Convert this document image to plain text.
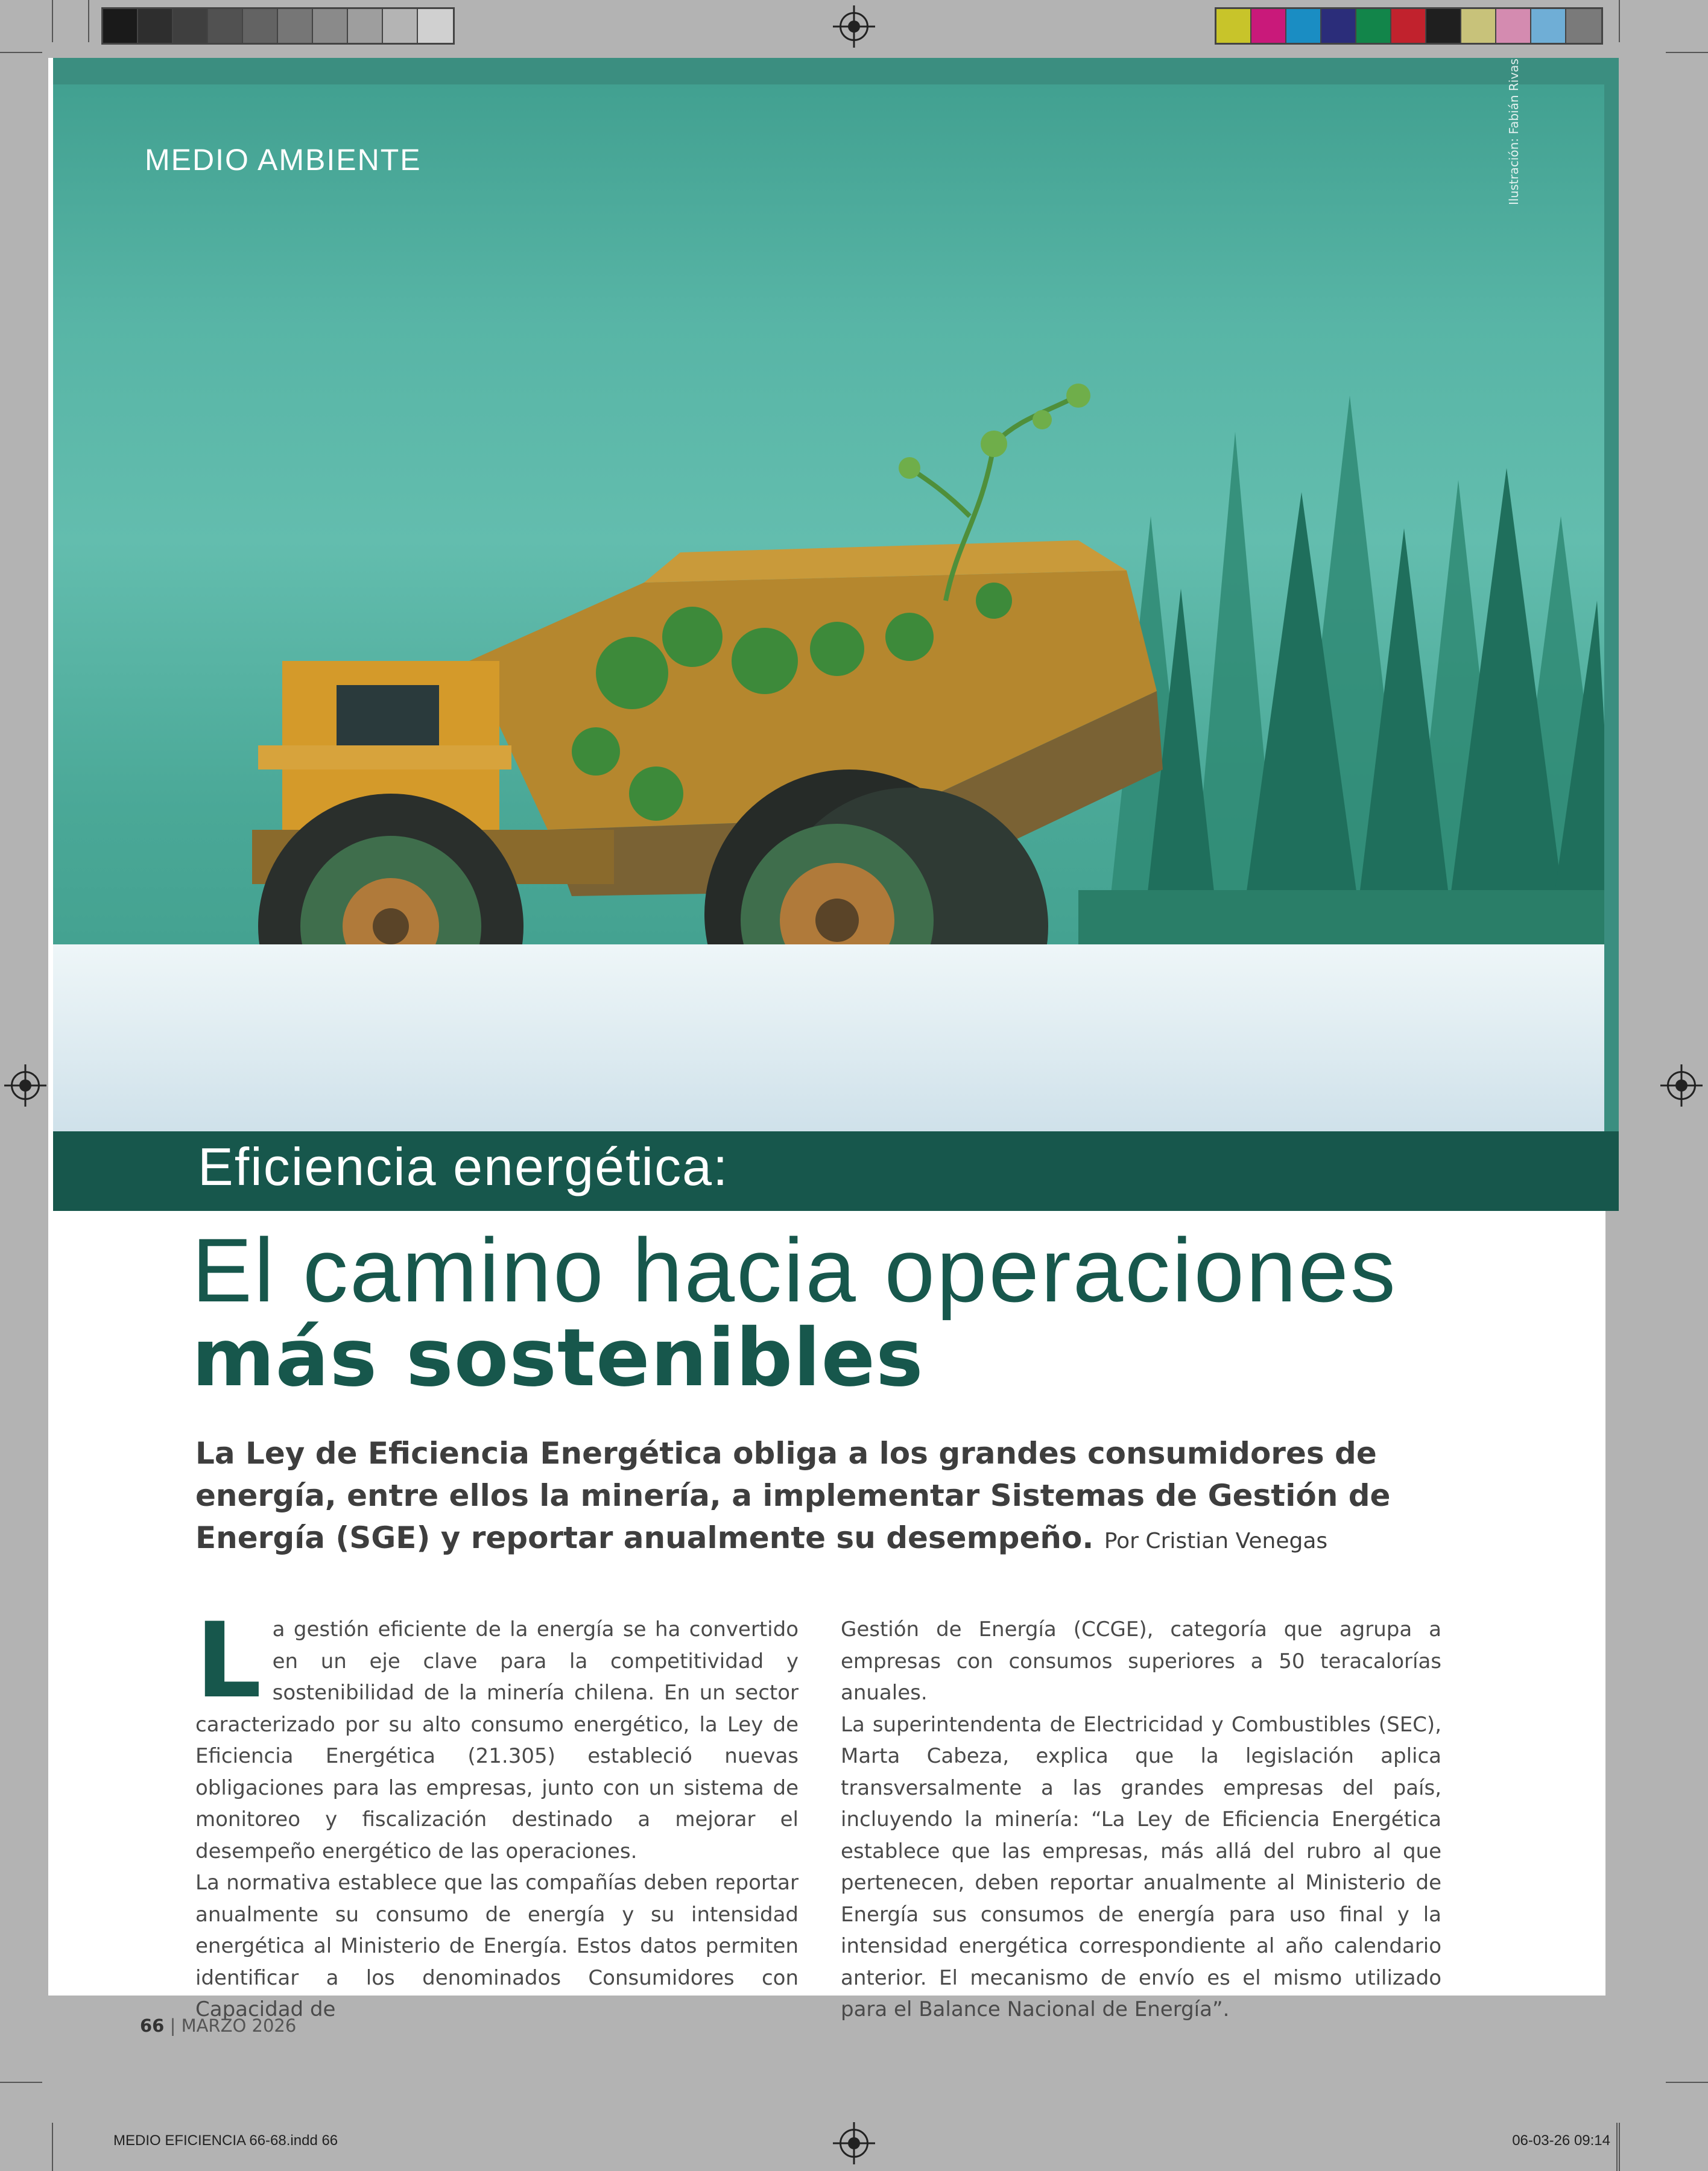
MEDIO AMBIENTE	Ilustración: Fabián Rivas
Eficiencia energética:
El camino hacia operaciones
más sostenibles
La Ley de Eficiencia Energética obliga a los grandes consumidores de energía, entre ellos la minería, a implementar Sistemas de Gestión de Energía (SGE) y reportar anualmente su desempeño. Por Cristian Venegas

La gestión eficiente de la energía se ha convertido en un eje clave para la competitividad y sostenibilidad de la minería chilena. En un sector caracterizado por su alto consumo energético, la Ley de Eficiencia Energética (21.305) estableció nuevas obligaciones para las empresas, junto con un sistema de monitoreo y fiscalización destinado a mejorar el desempeño energético de las operaciones.

La normativa establece que las compañías deben reportar anualmente su consumo de energía y su intensidad energética al Ministerio de Energía. Estos datos permiten identificar a los denominados Consumidores con Capacidad de

Gestión de Energía (CCGE), categoría que agrupa a empresas con consumos superiores a 50 teracalorías anuales.

La superintendenta de Electricidad y Combustibles (SEC), Marta Cabeza, explica que la legislación aplica transversalmente a las grandes empresas del país, incluyendo la minería: “La Ley de Eficiencia Energética establece que las empresas, más allá del rubro al que pertenecen, deben reportar anualmente al Ministerio de Energía sus consumos de energía para uso final y la intensidad energética correspondiente al año calendario anterior. El mecanismo de envío es el mismo utilizado para el Balance Nacional de Energía”.

66 | MARZO 2026
MEDIO EFICIENCIA 66-68.indd 66	06-03-26 09:14
